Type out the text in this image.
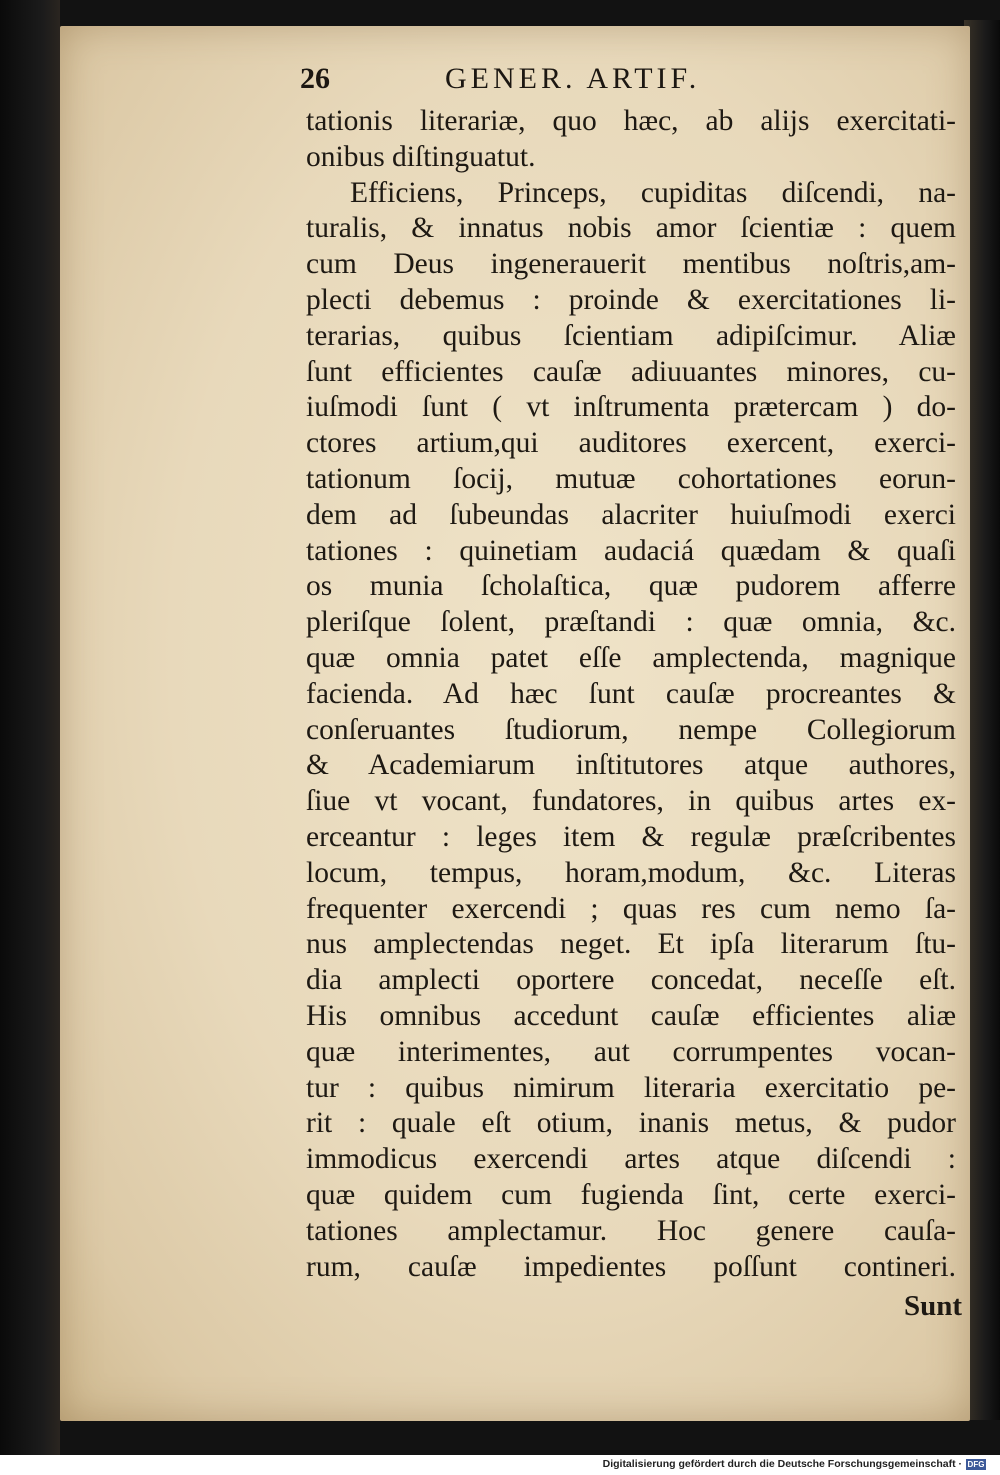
26	GENER. ARTIF.
tationis literariæ, quo hæc, ab alijs exercitati-
onibus diſtinguatut.
Efficiens, Princeps, cupiditas diſcendi, na-
turalis, & innatus nobis amor ſcientiæ : quem
cum Deus ingenerauerit mentibus noſtris,am-
plecti debemus : proinde & exercitationes li-
terarias, quibus ſcientiam adipiſcimur. Aliæ
ſunt efficientes cauſæ adiuuantes minores, cu-
iuſmodi ſunt ( vt inſtrumenta prætercam ) do-
ctores artium,qui auditores exercent, exerci-
tationum ſocij, mutuæ cohortationes eorun-
dem ad ſubeundas alacriter huiuſmodi exerci
tationes : quinetiam audaciá quædam & quaſi
os munia ſcholaſtica, quæ pudorem afferre
pleriſque ſolent, præſtandi : quæ omnia, &c.
quæ omnia patet eſſe amplectenda, magnique
facienda. Ad hæc ſunt cauſæ procreantes &
conſeruantes ſtudiorum, nempe Collegiorum
& Academiarum inſtitutores atque authores,
ſiue vt vocant, fundatores, in quibus artes ex-
erceantur : leges item & regulæ præſcribentes
locum, tempus, horam,modum, &c. Literas
frequenter exercendi ; quas res cum nemo ſa-
nus amplectendas neget. Et ipſa literarum ſtu-
dia amplecti oportere concedat, neceſſe eſt.
His omnibus accedunt cauſæ efficientes aliæ
quæ interimentes, aut corrumpentes vocan-
tur : quibus nimirum literaria exercitatio pe-
rit : quale eſt otium, inanis metus, & pudor
immodicus exercendi artes atque diſcendi :
quæ quidem cum fugienda ſint, certe exerci-
tationes amplectamur. Hoc genere cauſa-
rum, cauſæ impedientes poſſunt contineri.
Sunt
Digitalisierung gefördert durch die Deutsche Forschungsgemeinschaft · DFG
